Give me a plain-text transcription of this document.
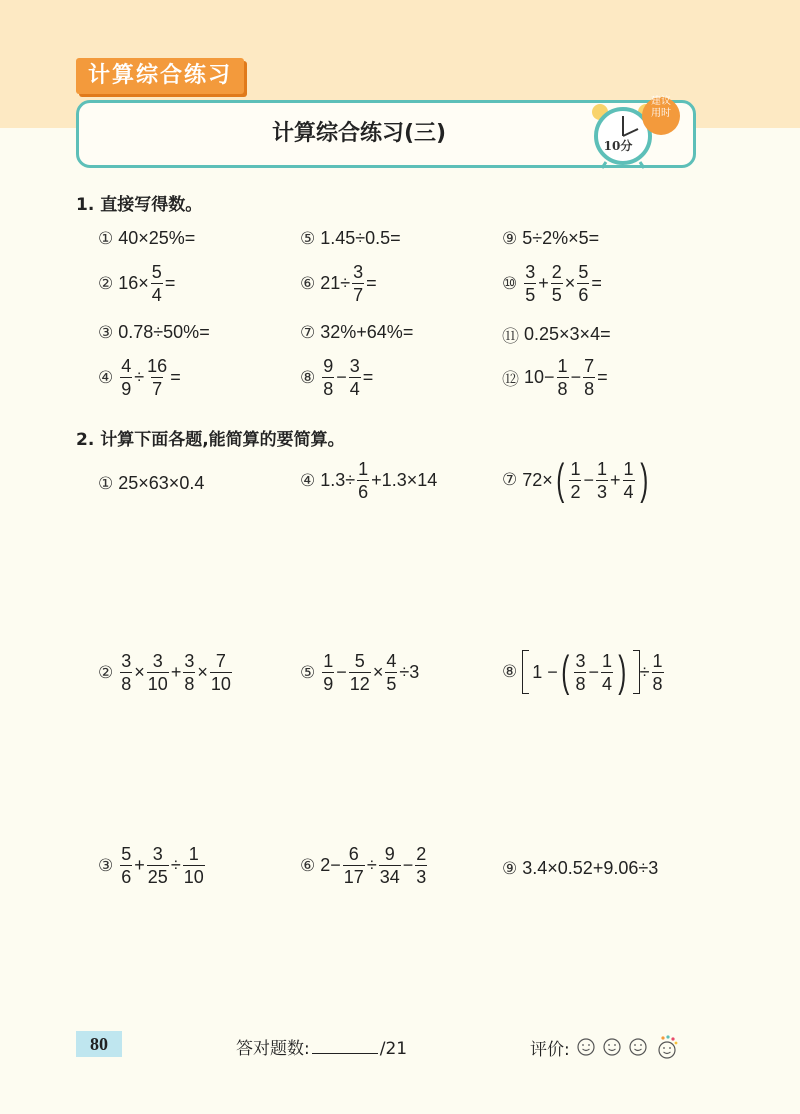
计算综合练习
计算综合练习(三)
建议
用时
10分
1. 直接写得数。
① 40×25%=	⑤ 1.45÷0.5=	⑨ 5÷2%×5=
② $16\times \frac{5}{4}$ =	⑥ $21\div \frac{3}{7}$ =	⑩ $\frac{3}{5} + \frac{2}{5} \times \frac{5}{6}$ =
③ 0.78÷50%=	⑦ 32%+64%=	⑪ 0.25×3×4=
④ $\frac{4}{9} \div \frac{16}{7}$ =	⑧ $\frac{9}{8} - \frac{3}{4}$ =	⑫ $10- \frac{1}{8} - \frac{7}{8}$ =
2. 计算下面各题,能简算的要简算。
① 25×63×0.4	④ $1.3\div \frac{1}{6} +1.3\times 14$	⑦ 72× ( $\frac{1}{2} - \frac{1}{3} + \frac{1}{4}$ )
② $\frac{3}{8} \times \frac{3}{10} + \frac{3}{8} \times \frac{7}{10}$	⑤ $\frac{1}{9} - \frac{5}{12} \times \frac{4}{5} \div 3$	⑧ 1 − ( $\frac{3}{8} - \frac{1}{4}$ ) ÷ $\frac{1}{8}$
③ $\frac{5}{6} + \frac{3}{25} \div \frac{1}{10}$	⑥ $2- \frac{6}{17} \div \frac{9}{34} - \frac{2}{3}$	⑨ 3.4×0.52+9.06÷3
80	答对题数:	/21	评价:
